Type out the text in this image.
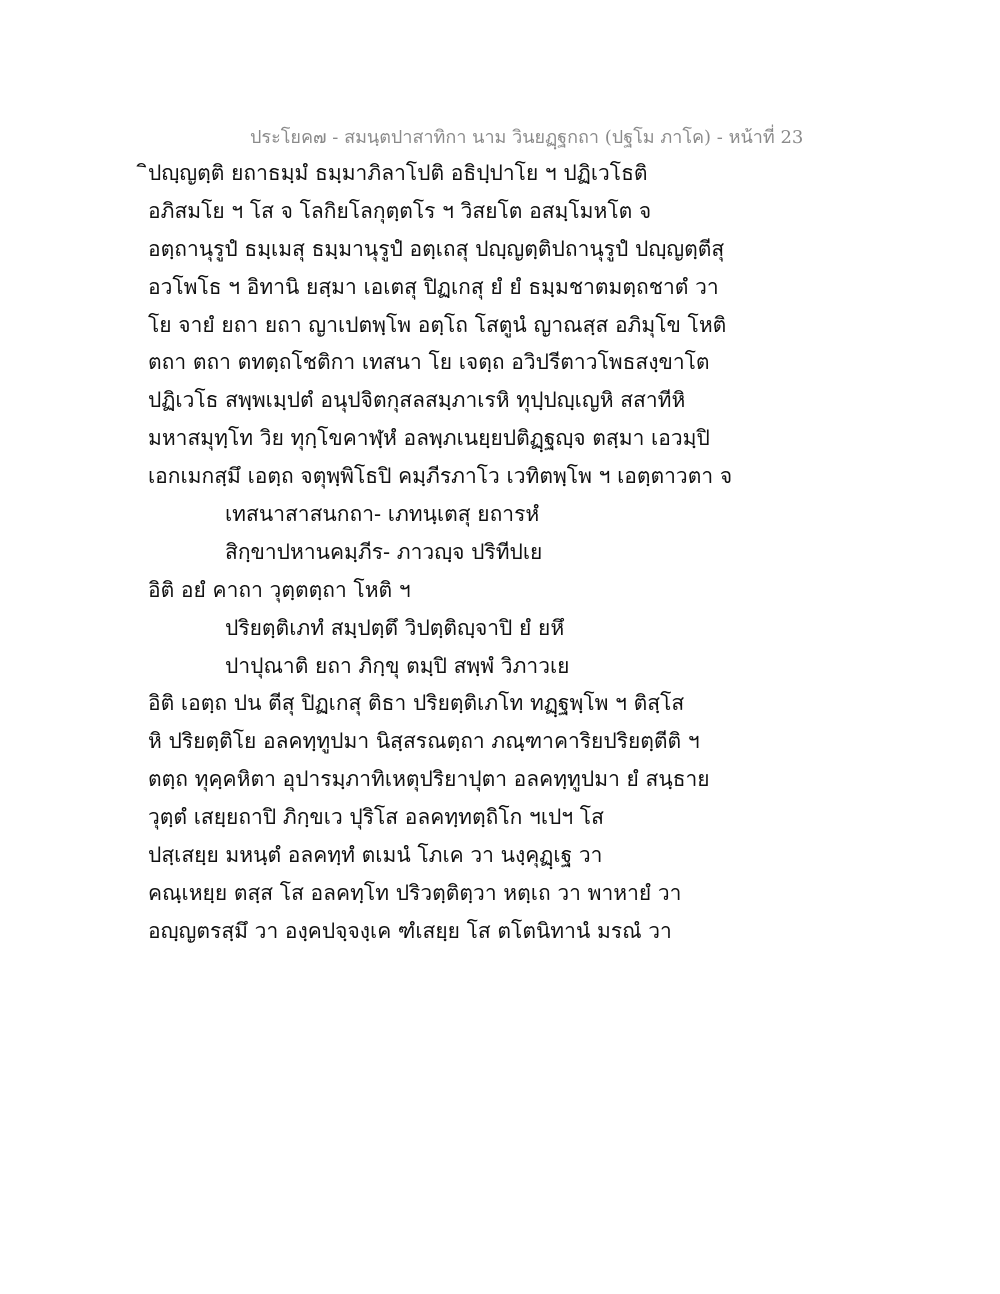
ประโยค๗ - สมนฺตปาสาทิกา นาม วินยฏฺฐกถา (ปฐโม ภาโค) - หน้าที่ 23
ิปญฺญตฺติ ยถาธมฺมํ ธมฺมาภิลาโปติ อธิปฺปาโย ฯ ปฏิเวโธติ
อภิสมโย ฯ โส จ โลกิยโลกุตฺตโร ฯ วิสยโต อสมฺโมหโต จ
อตฺถานุรูปํ ธมฺเมสุ ธมฺมานุรูปํ อตฺเถสุ ปญฺญตฺติปถานุรูปํ ปญฺญตฺตีสุ
อวโพโธ ฯ อิทานิ ยสฺมา เอเตสุ ปิฏเกสุ ยํ ยํ ธมฺมชาตมตฺถชาตํ วา
โย จายํ ยถา ยถา ญาเปตพฺโพ อตฺโถ โสตูนํ ญาณสฺส อภิมุโข โหติ
ตถา ตถา ตทตฺถโชติกา เทสนา โย เจตฺถ อวิปรีตาวโพธสงฺขาโต
ปฏิเวโธ สพฺพเมฺปตํ อนุปจิตกุสลสมฺภาเรหิ ทุปฺปญฺเญหิ สสาทีหิ
มหาสมุทฺโท วิย ทุกฺโขคาฬฺหํ อลพฺภเนยฺยปติฏฺฐญฺจ ตสฺมา เอวมฺปิ
เอกเมกสฺมึ เอตฺถ จตุพฺพิโธปิ คมฺภีรภาโว เวทิตพฺโพ ฯ เอตฺตาวตา จ
เทสนาสาสนกถา- เภทนฺเตสุ ยถารหํ
สิกฺขาปหานคมฺภีร- ภาวญฺจ ปริทีปเย
อิติ อยํ คาถา วุตฺตตฺถา โหติ ฯ
ปริยตฺติเภทํ สมฺปตฺตึ วิปตฺติญฺจาปิ ยํ ยหึ
ปาปุณาติ ยถา ภิกฺขุ ตมฺปิ สพฺพํ วิภาวเย
อิติ เอตฺถ ปน ตีสุ ปิฏเกสุ ติธา ปริยตฺติเภโท ทฏฺฐพฺโพ ฯ ติสฺโส
หิ ปริยตฺติโย อลคทฺทูปมา นิสฺสรณตฺถา ภณฺฑาคาริยปริยตฺตีติ ฯ
ตตฺถ ทุคฺคหิตา อุปารมฺภาทิเหตุปริยาปุตา อลคทฺทูปมา ยํ สนฺธาย
วุตฺตํ เสยฺยถาปิ ภิกฺขเว ปุริโส อลคทฺทตฺถิโก ฯเปฯ โส
ปสฺเสยฺย มหนฺตํ อลคทฺทํ ตเมนํ โภเค วา นงฺคุฏฺเฐ วา
คณฺเหยฺย ตสฺส โส อลคทฺโท ปริวตฺติตฺวา หตฺเถ วา พาหายํ วา
อญฺญตรสฺมึ วา องฺคปจฺจงฺเค ฑํเสยฺย โส ตโตนิทานํ มรณํ วา
